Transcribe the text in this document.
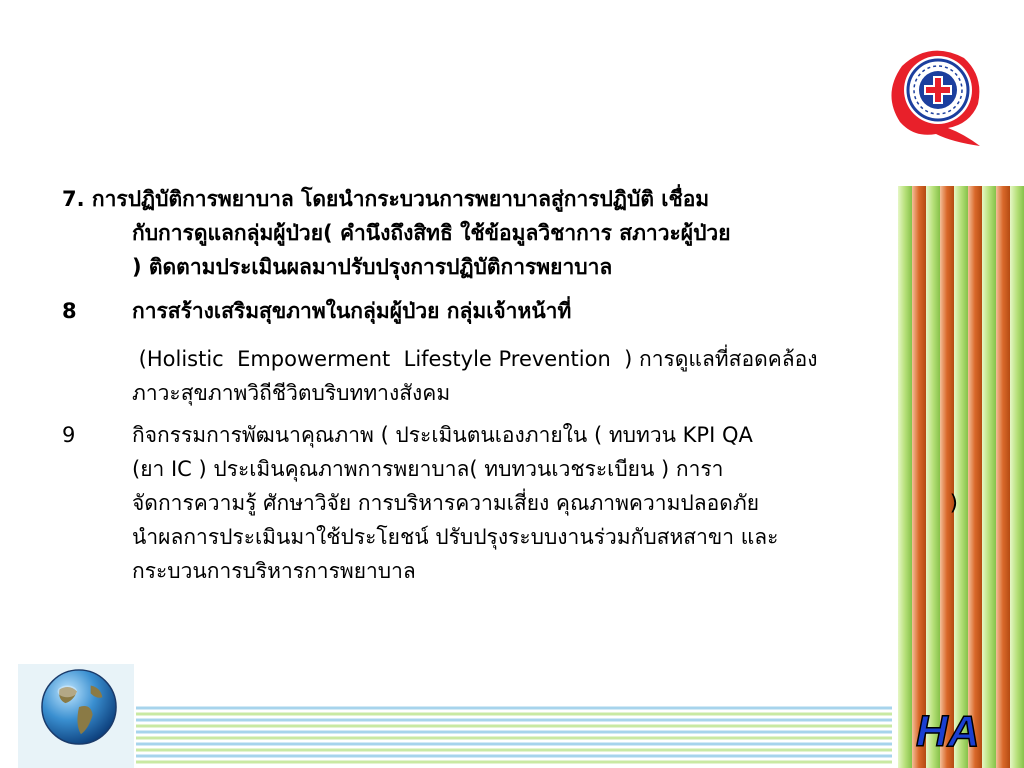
HA
7. การปฏิบัติการพยาบาล โดยนำกระบวนการพยาบาลสู่การปฏิบัติ เชื่อม
กับการดูแลกลุ่มผู้ป่วย( คำนึงถึงสิทธิ ใช้ข้อมูลวิชาการ สภาวะผู้ป่วย
) ติดตามประเมินผลมาปรับปรุงการปฏิบัติการพยาบาล
8	การสร้างเสริมสุขภาพในกลุ่มผู้ป่วย กลุ่มเจ้าหน้าที่
(Holistic  Empowerment  Lifestyle Prevention  ) การดูแลที่สอดคล้อง
ภาวะสุขภาพวิถีชีวิตบริบททางสังคม
9	กิจกรรมการพัฒนาคุณภาพ ( ประเมินตนเองภายใน ( ทบทวน KPI QA
(ยา IC ) ประเมินคุณภาพการพยาบาล( ทบทวนเวชระเบียน ) การา
จัดการความรู้ ศักษาวิจัย การบริหารความเสี่ยง คุณภาพความปลอดภัย	)
นำผลการประเมินมาใช้ประโยชน์ ปรับปรุงระบบงานร่วมกับสหสาขา และ
กระบวนการบริหารการพยาบาล
